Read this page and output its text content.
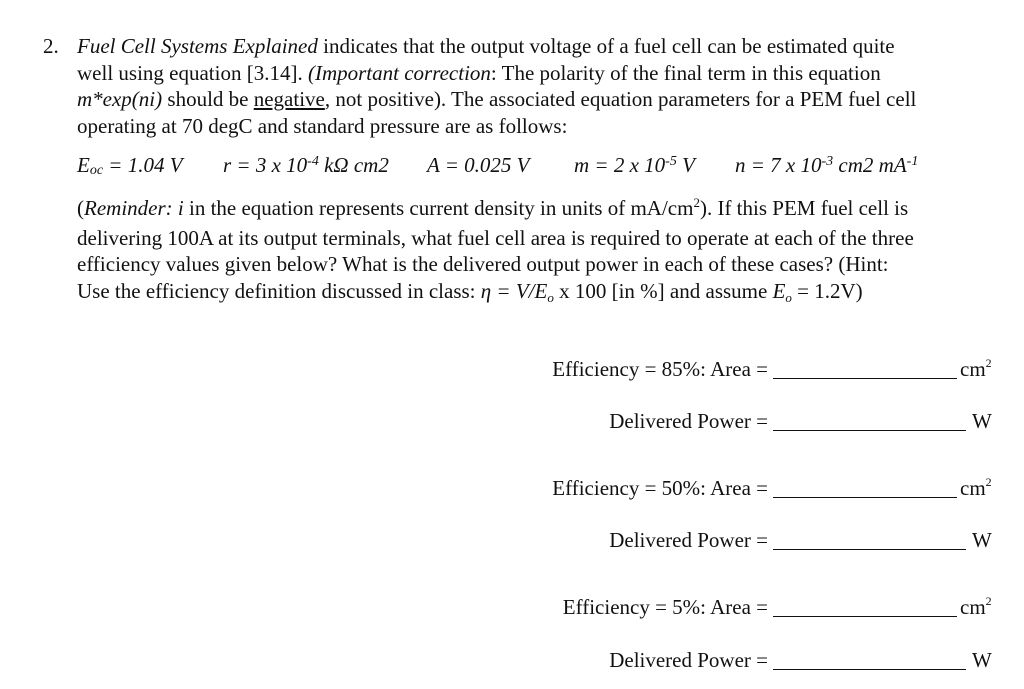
2. Fuel Cell Systems Explained indicates that the output voltage of a fuel cell can be estimated quite
well using equation [3.14]. (Important correction: The polarity of the final term in this equation
m*exp(ni) should be negative, not positive). The associated equation parameters for a PEM fuel cell
operating at 70 degC and standard pressure are as follows:
$E_{oc} = 1.04$ V r = 3 x $10^{-4}$ kΩ cm2 A = 0.025 V m = 2 x $10^{-5}$ V n = 7 x $10^{-3}$ cm2 $mA^{-1}$
(Reminder: i in the equation represents current density in units of $mA/cm^2$). If this PEM fuel cell is
delivering 100A at its output terminals, what fuel cell area is required to operate at each of the three
efficiency values given below? What is the delivered output power in each of these cases? (Hint:
Use the efficiency definition discussed in class: $\eta = V/E_o$ x 100 [in %] and assume $E_o = 1.2V$)
Efficiency = 85%: Area =	$cm^2$
Delivered Power =	W
Efficiency = 50%: Area =	$cm^2$
Delivered Power =	W
Efficiency = 5%: Area =	$cm^2$
Delivered Power =	W
